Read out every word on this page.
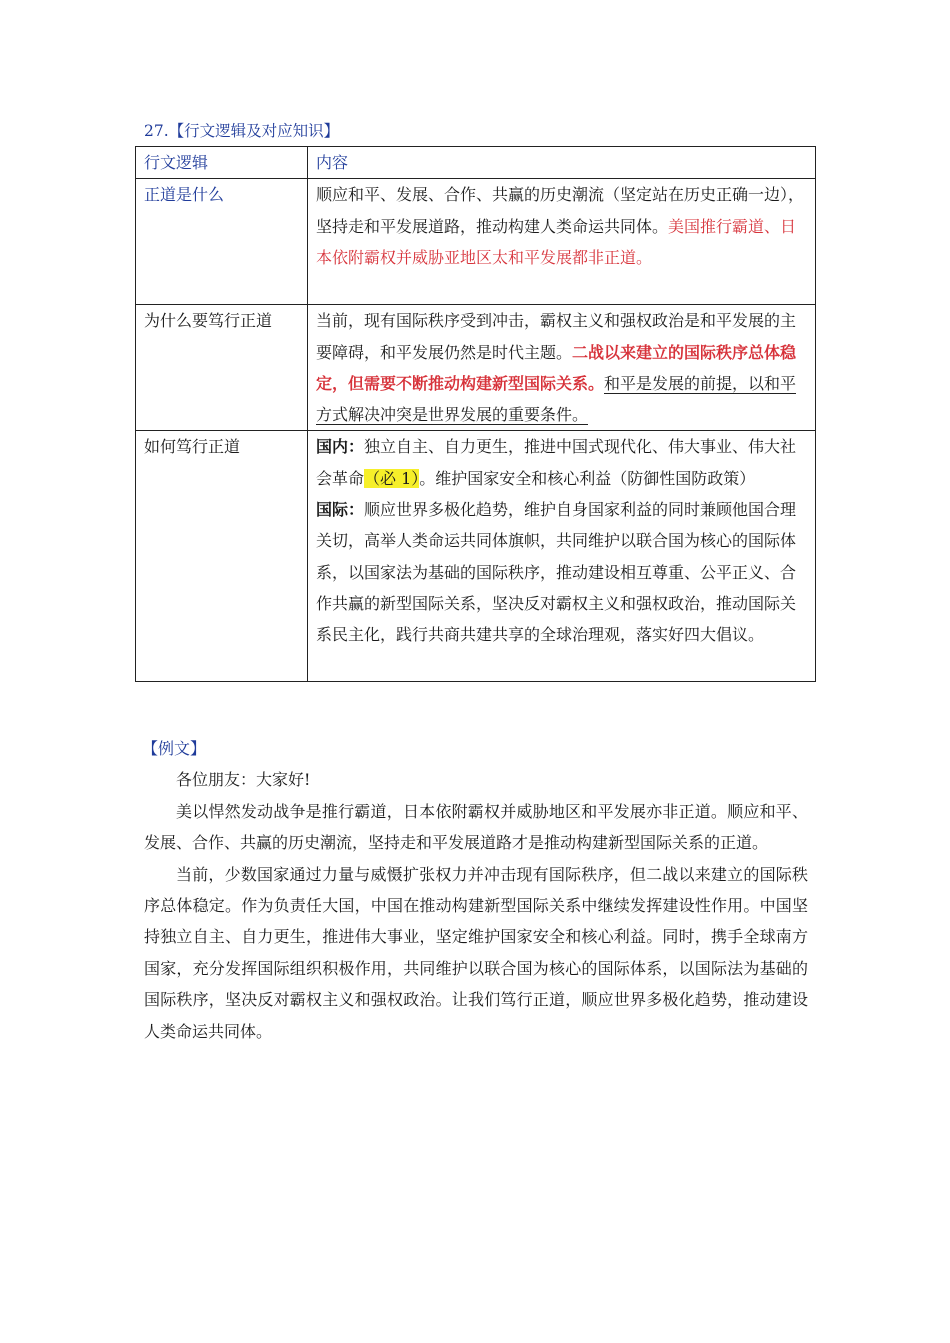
27.【行文逻辑及对应知识】
行文逻辑	内容
正道是什么	顺应和平、发展、合作、共赢的历史潮流（坚定站在历史正确一边），坚持走和平发展道路，推动构建人类命运共同体。美国推行霸道、日本依附霸权并威胁亚地区太和平发展都非正道。
为什么要笃行正道	当前，现有国际秩序受到冲击，霸权主义和强权政治是和平发展的主要障碍，和平发展仍然是时代主题。二战以来建立的国际秩序总体稳定，但需要不断推动构建新型国际关系。和平是发展的前提，以和平方式解决冲突是世界发展的重要条件。
如何笃行正道	国内：独立自主、自力更生，推进中国式现代化、伟大事业、伟大社会革命（必 1）。维护国家安全和核心利益（防御性国防政策）
国际：顺应世界多极化趋势，维护自身国家利益的同时兼顾他国合理关切，高举人类命运共同体旗帜，共同维护以联合国为核心的国际体系，以国家法为基础的国际秩序，推动建设相互尊重、公平正义、合作共赢的新型国际关系，坚决反对霸权主义和强权政治，推动国际关系民主化，践行共商共建共享的全球治理观，落实好四大倡议。
【例文】
各位朋友：大家好!

美以悍然发动战争是推行霸道，日本依附霸权并威胁地区和平发展亦非正道。顺应和平、发展、合作、共赢的历史潮流，坚持走和平发展道路才是推动构建新型国际关系的正道。

当前，少数国家通过力量与威慑扩张权力并冲击现有国际秩序，但二战以来建立的国际秩序总体稳定。作为负责任大国，中国在推动构建新型国际关系中继续发挥建设性作用。中国坚持独立自主、自力更生，推进伟大事业，坚定维护国家安全和核心利益。同时，携手全球南方国家，充分发挥国际组织积极作用，共同维护以联合国为核心的国际体系，以国际法为基础的国际秩序，坚决反对霸权主义和强权政治。让我们笃行正道，顺应世界多极化趋势，推动建设人类命运共同体。
